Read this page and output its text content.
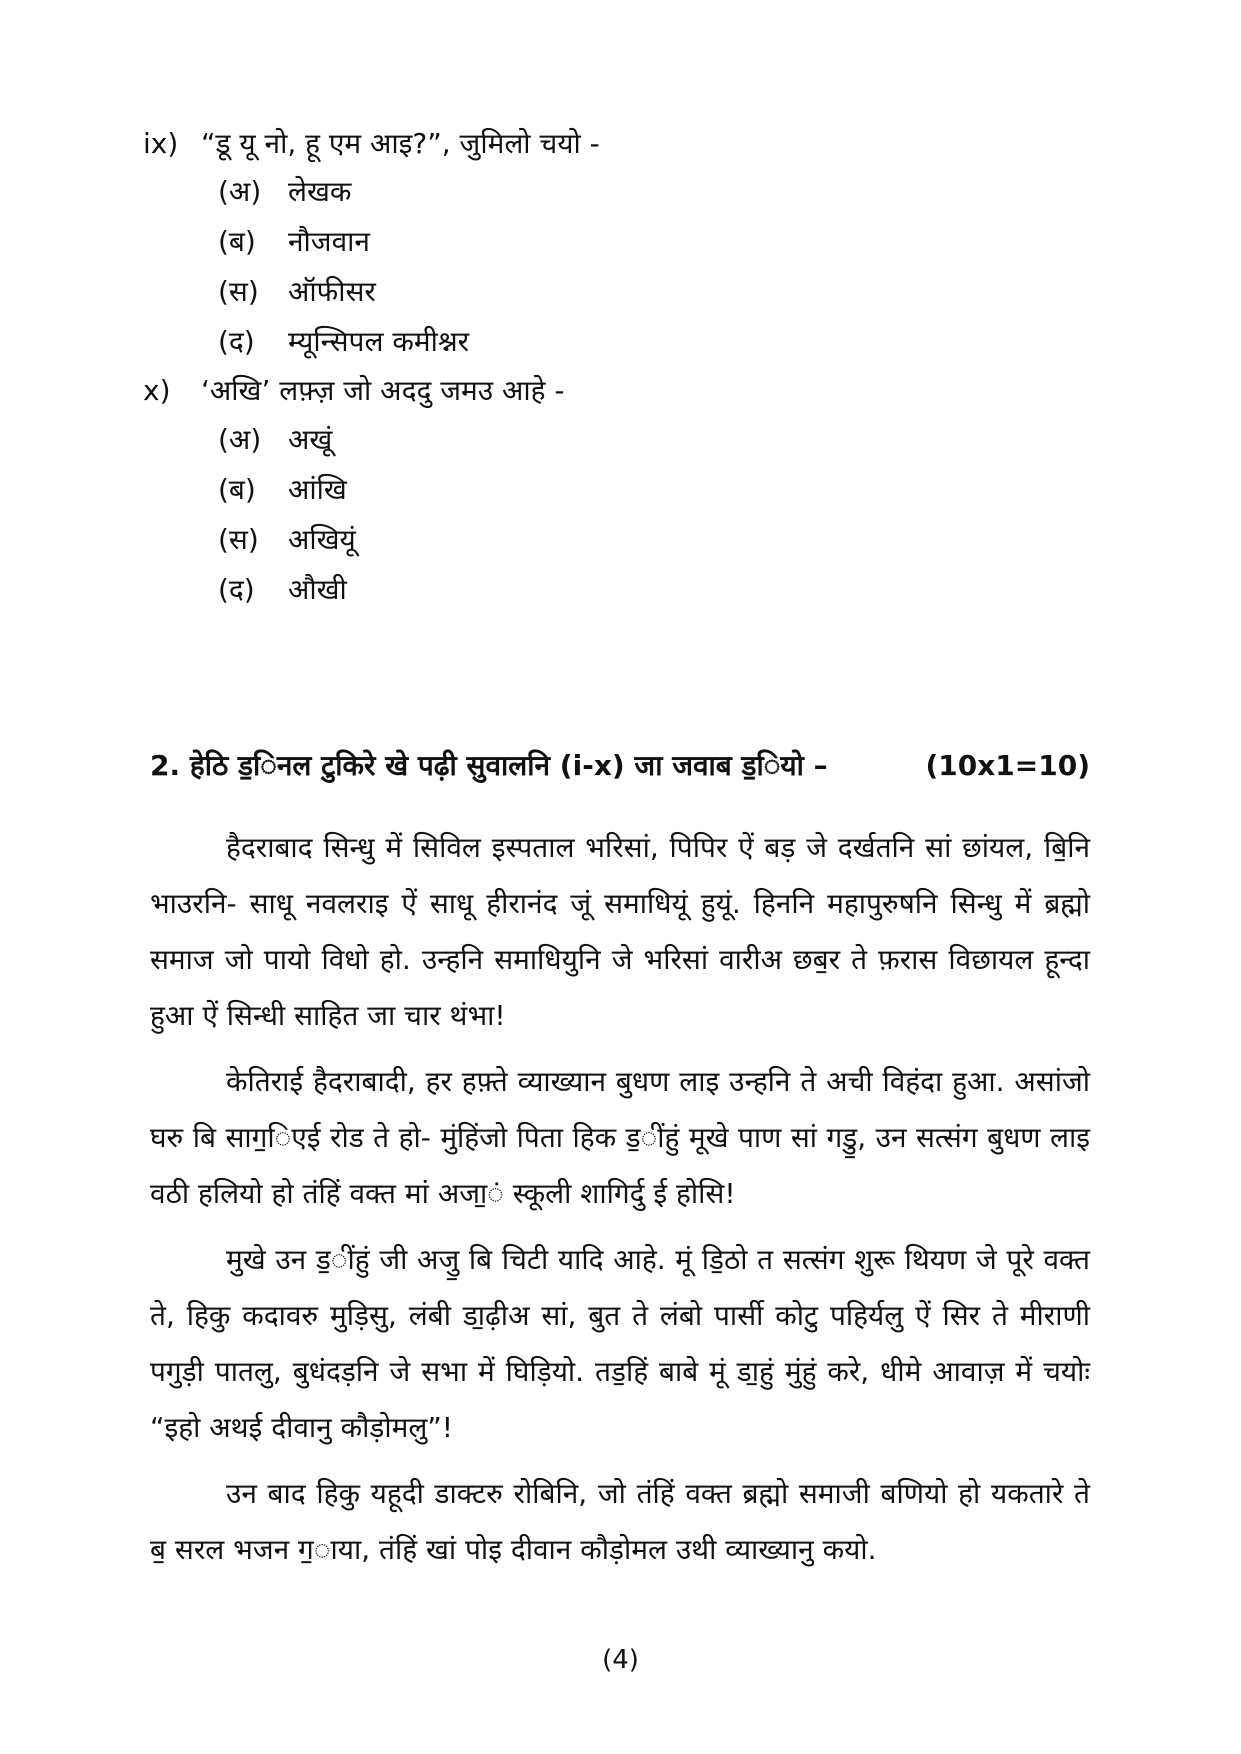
ix) “डू यू नो, हू एम आइ?”, जुमिलो चयो -
(अ) लेखक
(ब) नौजवान
(स) ऑफीसर
(द) म्यून्सिपल कमीश्नर
x) ‘अखि’ लफ़्ज़ जो अददु जमउ आहे -
(अ) अखूं
(ब) आंखि
(स) अखियूं
(द) औखी
2. हेठि ड॒िनल टुकिरे खे पढ़ी सुवालनि (i-x) जा जवाब ड॒ियो –	(10x1=10)

हैदराबाद सिन्धु में सिविल इस्पताल भरिसां, पिपिर ऐं बड़ जे दर्खतनि सां छांयल, बि॒नि भाउरनि- साधू नवलराइ ऐं साधू हीरानंद जूं समाधियूं हुयूं. हिननि महापुरुषनि सिन्धु में ब्रह्मो समाज जो पायो विधो हो. उन्हनि समाधियुनि जे भरिसां वारीअ छब॒र ते फ़रास विछायल हून्दा हुआ ऐं सिन्धी साहित जा चार थंभा!

केतिराई हैदराबादी, हर हफ़्ते व्याख्यान बुधण लाइ उन्हनि ते अची विहंदा हुआ. असांजो घरु बि साग॒िएई रोड ते हो- मुंहिंजो पिता हिक ड॒ींहुं मूखे पाण सां गडु॒, उन सत्संग बुधण लाइ वठी हलियो हो तंहिं वक्त मां अजा॒ं स्कूली शागिर्दु ई होसि!

मुखे उन ड॒ींहुं जी अजु॒ बि चिटी यादि आहे. मूं डि॒ठो त सत्संग शुरू थियण जे पूरे वक्त ते, हिकु कदावरु मुड़िसु, लंबी डा॒ढ़ीअ सां, बुत ते लंबो पार्सी कोटु पहिर्यलु ऐं सिर ते मीराणी पगुड़ी पातलु, बुधंदड़नि जे सभा में घिड़ियो. तड॒हिं बाबे मूं डा॒हुं मुंहुं करे, धीमे आवाज़ में चयोः “इहो अथई दीवानु कौड़ोमलु”!

उन बाद हिकु यहूदी डाक्टरु रोबिनि, जो तंहिं वक्त ब्रह्मो समाजी बणियो हो यकतारे ते ब॒ सरल भजन ग॒ाया, तंहिं खां पोइ दीवान कौड़ोमल उथी व्याख्यानु कयो.

(4)
